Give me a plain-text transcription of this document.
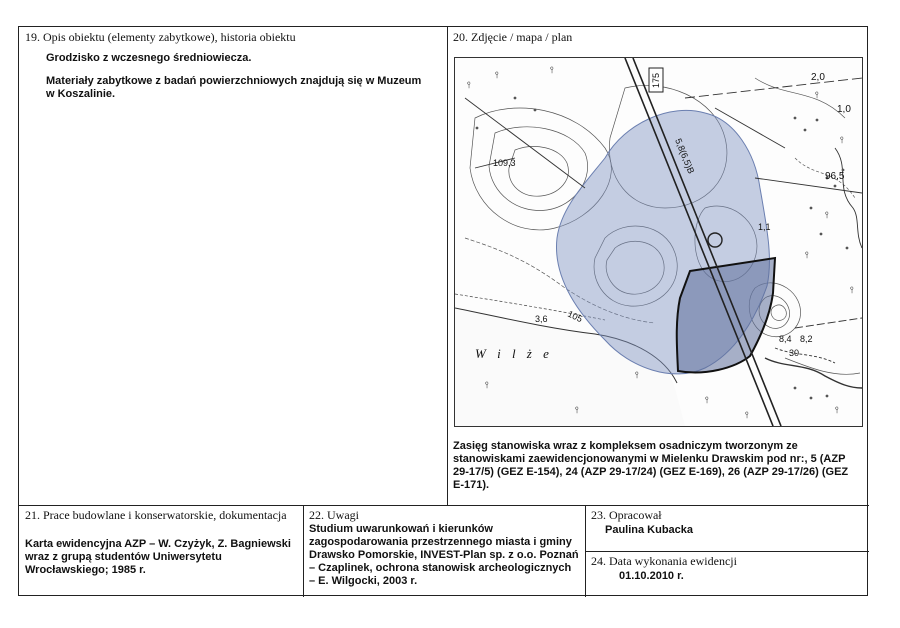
19. Opis obiektu (elementy zabytkowe), historia obiektu
Grodzisko z wczesnego średniowiecza.
Materiały zabytkowe z badań powierzchniowych znajdują się w Muzeum w Koszalinie.
20. Zdjęcie / mapa / plan
⫯
⫯	⫯
⫯
⫯
⫯
⫯
⫯
⫯
⫯
⫯
⫯
⫯
⫯
175
5,8(6,5)B
2,0
1,0
109,3
96,5
105
3,6
8,4 8,2
30
1,1
W i l ż e
Zasięg stanowiska wraz z kompleksem osadniczym tworzonym ze stanowiskami zaewidencjonowanymi w Mielenku Drawskim pod nr:, 5 (AZP 29-17/5) (GEZ E-154), 24 (AZP 29-17/24) (GEZ E-169), 26 (AZP 29-17/26) (GEZ E-171).
21. Prace budowlane i konserwatorskie, dokumentacja
Karta ewidencyjna AZP – W. Czyżyk, Z. Bagniewski wraz z grupą studentów Uniwersytetu Wrocławskiego; 1985 r.
22. Uwagi
Studium uwarunkowań i kierunków zagospodarowania przestrzennego miasta i gminy Drawsko Pomorskie, INVEST-Plan sp. z o.o. Poznań – Czaplinek, ochrona stanowisk archeologicznych – E. Wilgocki, 2003 r.
23. Opracował
Paulina Kubacka
24. Data wykonania ewidencji
01.10.2010 r.
